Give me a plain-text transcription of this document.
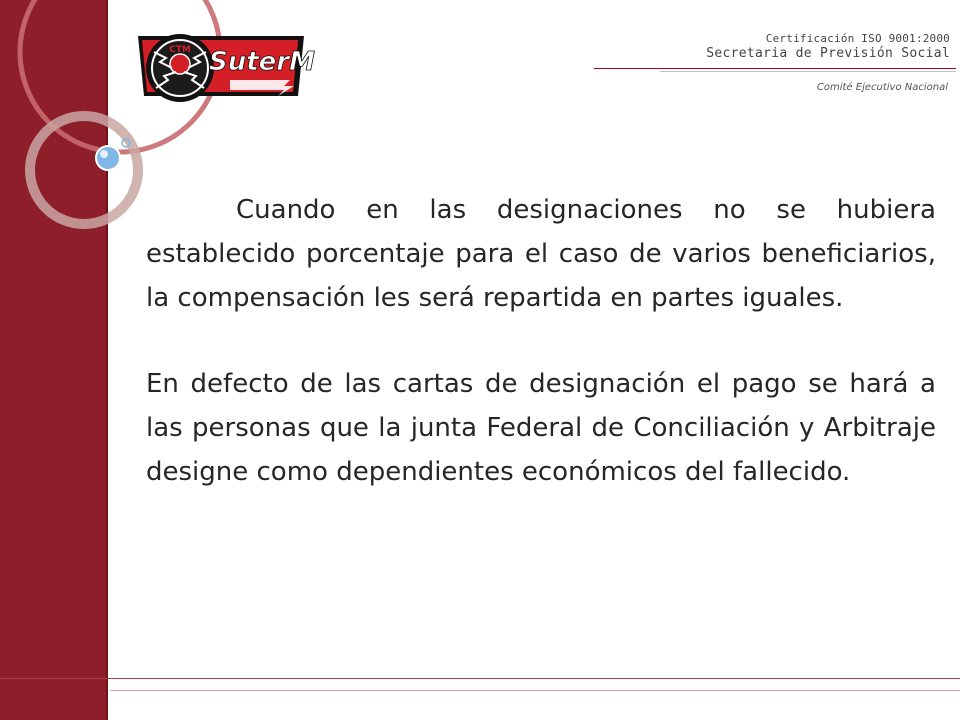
CTM SuterM
Certificación ISO 9001:2000
Secretaria de Previsión Social
Comité Ejecutivo Nacional

Cuando en las designaciones no se hubiera establecido porcentaje para el caso de varios beneficiarios, la compensación les será repartida en partes iguales.

En defecto de las cartas de designación el pago se hará a las personas que la junta Federal de Conciliación y Arbitraje designe como dependientes económicos del fallecido.
